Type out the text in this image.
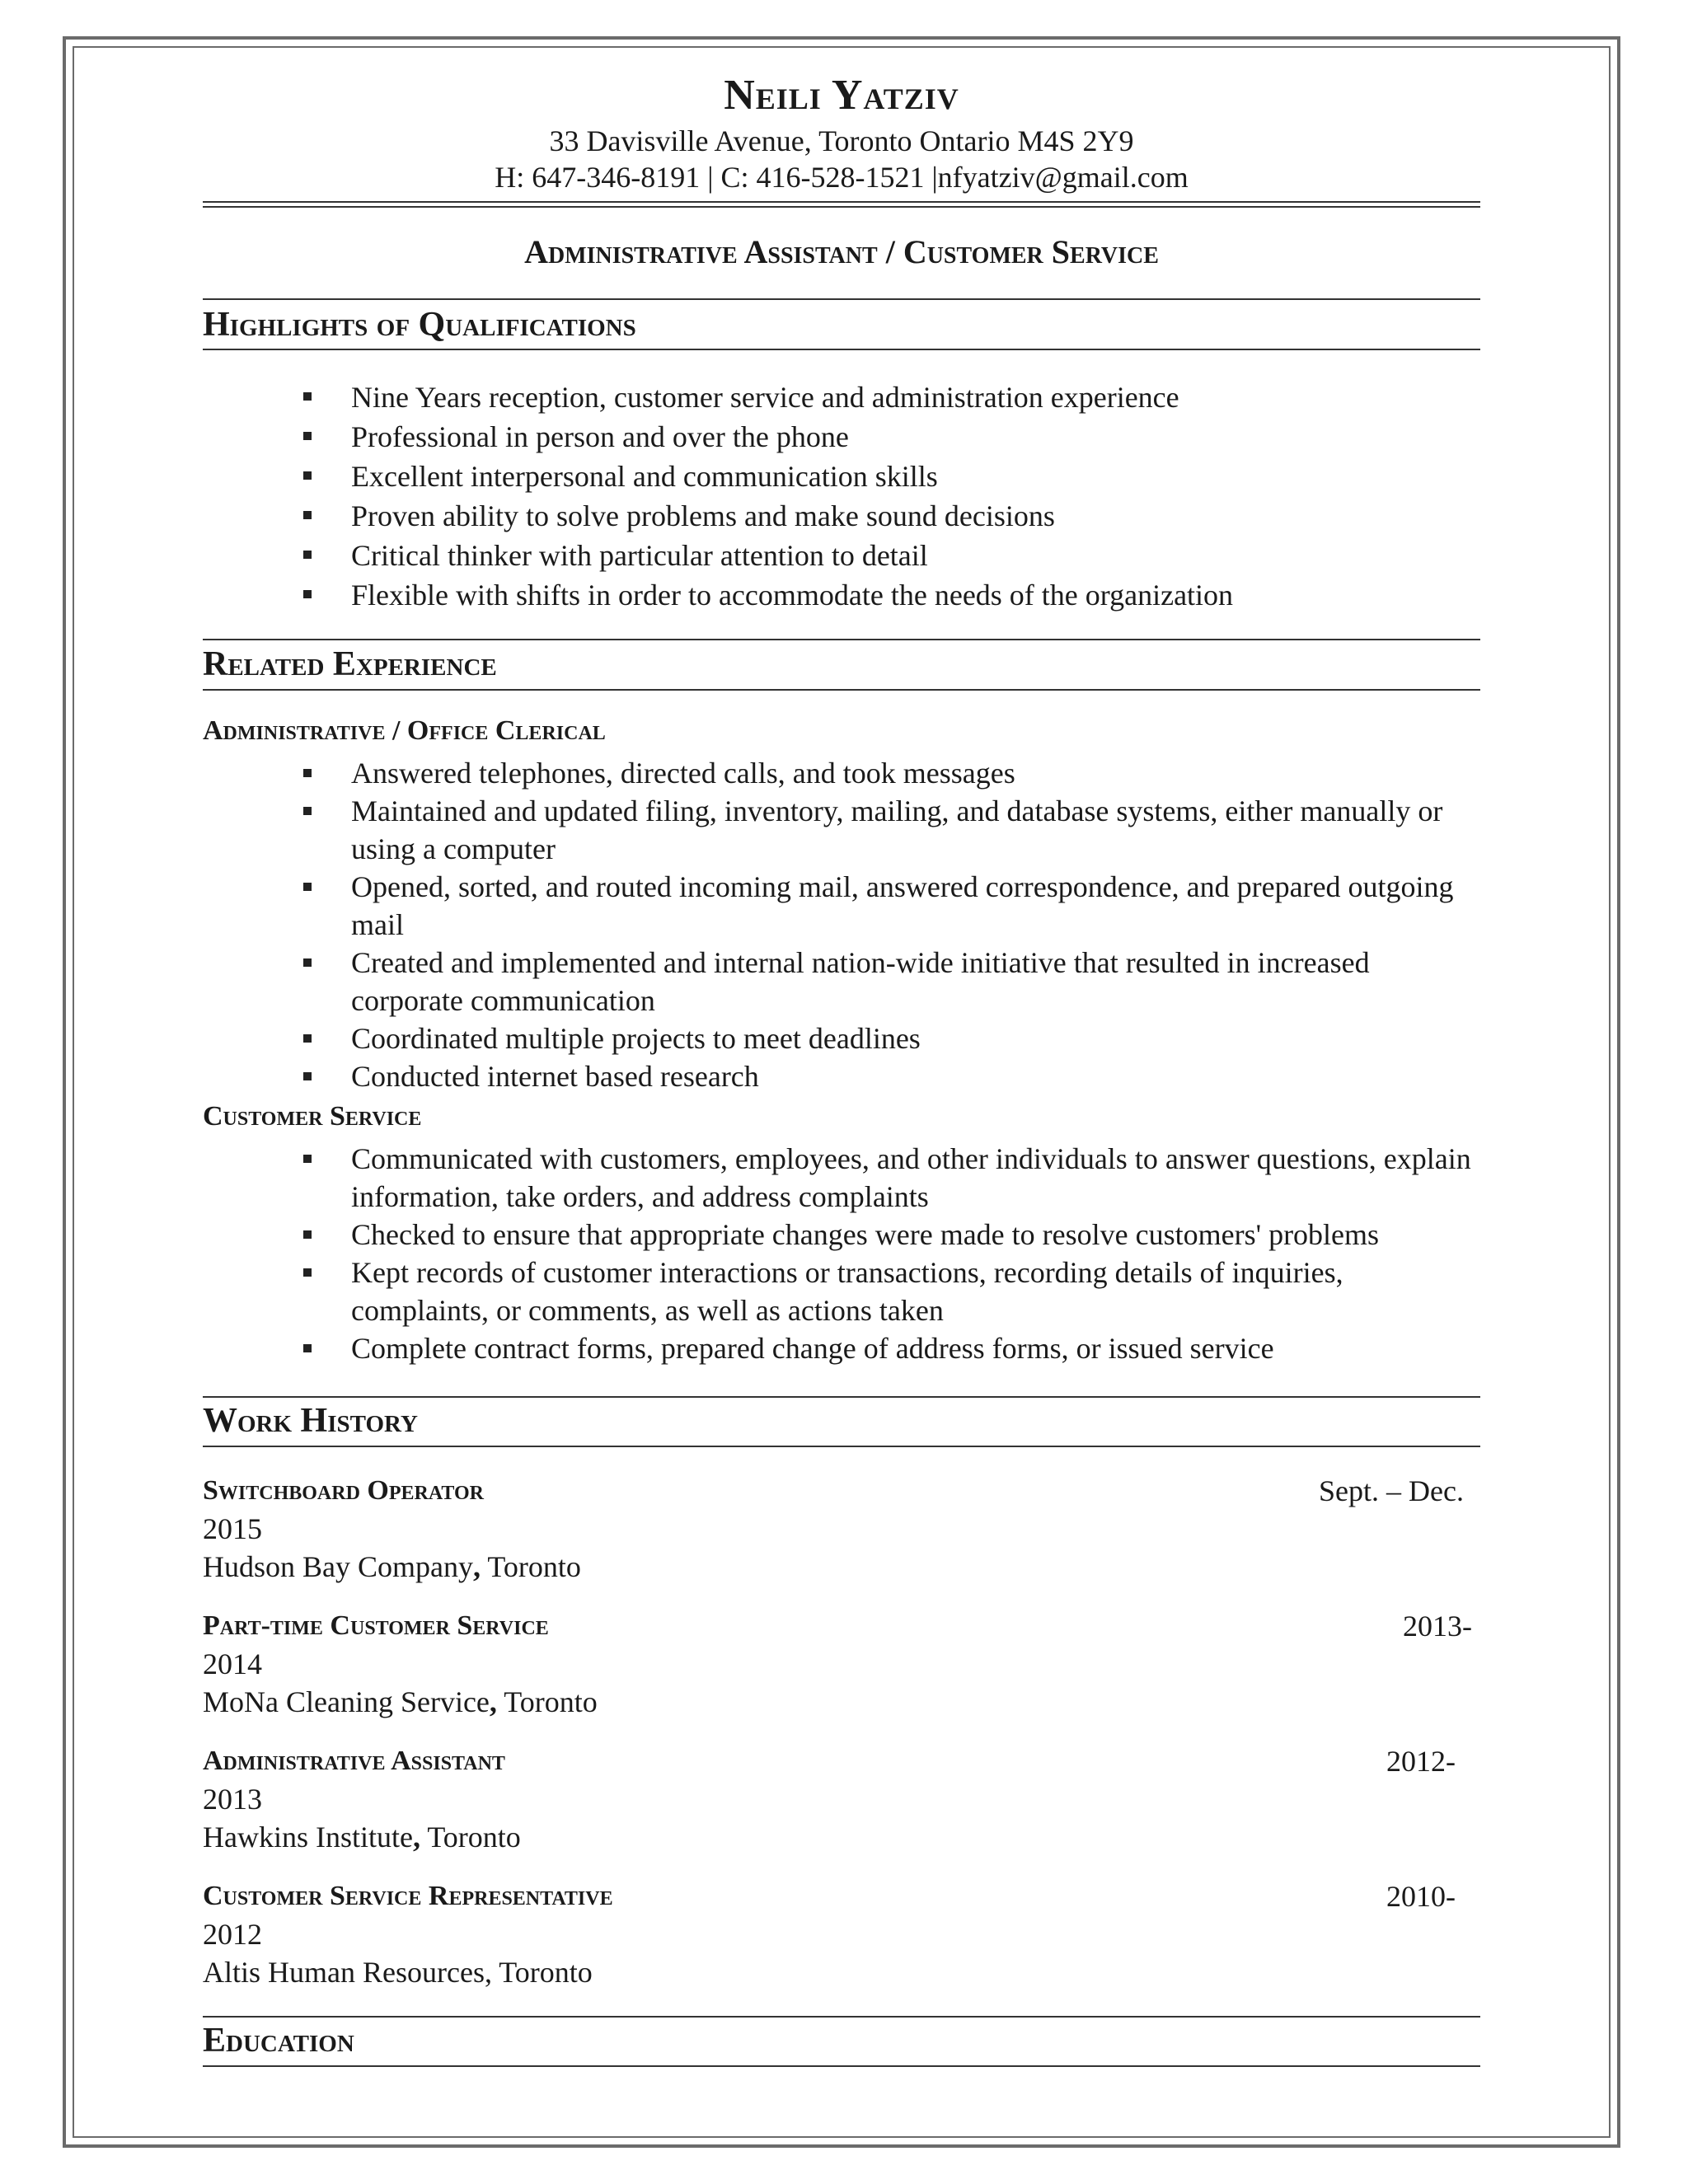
Neili Yatziv
33 Davisville Avenue, Toronto Ontario M4S 2Y9
H: 647-346-8191 | C: 416-528-1521 |nfyatziv@gmail.com
Administrative Assistant / Customer Service
Highlights of Qualifications
Nine Years reception, customer service and administration experience
Professional in person and over the phone
Excellent interpersonal and communication skills
Proven ability to solve problems and make sound decisions
Critical thinker with particular attention to detail
Flexible with shifts in order to accommodate the needs of the organization
Related Experience
Administrative / Office Clerical
Answered telephones, directed calls, and took messages
Maintained and updated filing, inventory, mailing, and database systems, either manually or using a computer
Opened, sorted, and routed incoming mail, answered correspondence, and prepared outgoing mail
Created and implemented and internal nation-wide initiative that resulted in increased corporate communication
Coordinated multiple projects to meet deadlines
Conducted internet based research
Customer Service
Communicated with customers, employees, and other individuals to answer questions, explain information, take orders, and address complaints
Checked to ensure that appropriate changes were made to resolve customers' problems
Kept records of customer interactions or transactions, recording details of inquiries, complaints, or comments, as well as actions taken
Complete contract forms, prepared change of address forms, or issued service
Work History
Switchboard Operator	Sept. – Dec.
2015
Hudson Bay Company, Toronto
Part-time Customer Service	2013-
2014
MoNa Cleaning Service, Toronto
Administrative Assistant	2012-
2013
Hawkins Institute, Toronto
Customer Service Representative	2010-
2012
Altis Human Resources, Toronto
Education
